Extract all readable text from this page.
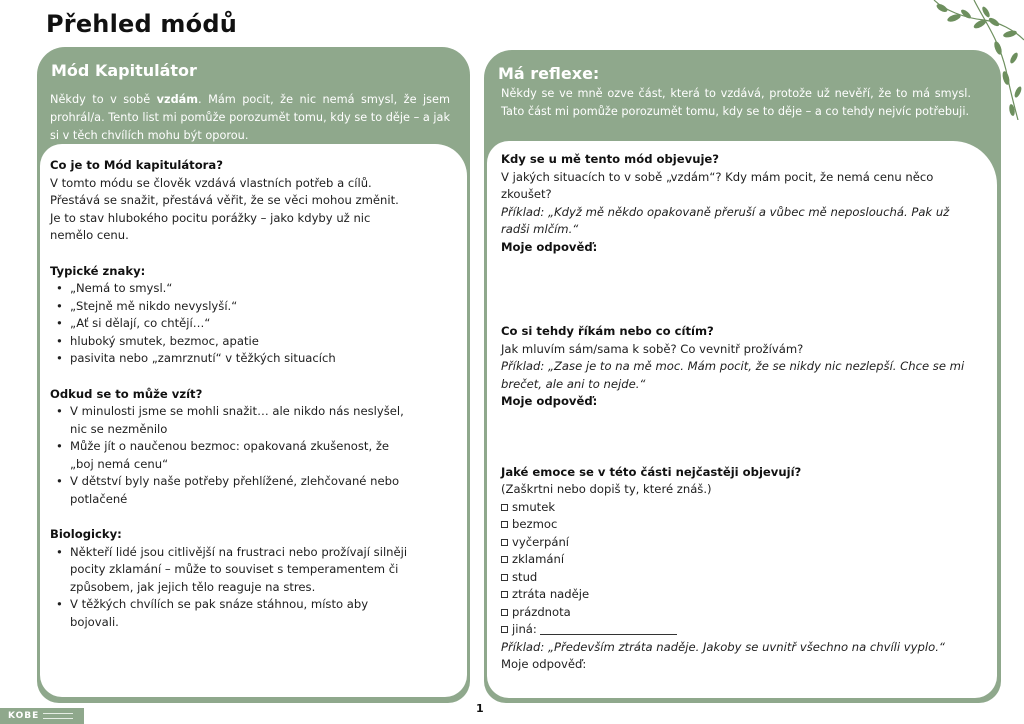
Přehled módů
Mód Kapitulátor
Někdy to v sobě vzdám. Mám pocit, že nic nemá smysl, že jsem prohrál/a. Tento list mi pomůže porozumět tomu, kdy se to děje – a jak si v těch chvílích mohu být oporou.
Co je to Mód kapitulátora?
V tomto módu se člověk vzdává vlastních potřeb a cílů. Přestává se snažit, přestává věřit, že se věci mohou změnit. Je to stav hlubokého pocitu porážky – jako kdyby už nic nemělo cenu.
Typické znaky:
• „Nemá to smysl.“
• „Stejně mě nikdo nevyslyší.“
• „Ať si dělají, co chtějí…“
• hluboký smutek, bezmoc, apatie
• pasivita nebo „zamrznutí“ v těžkých situacích
Odkud se to může vzít?
• V minulosti jsme se mohli snažit… ale nikdo nás neslyšel, nic se nezměnilo
• Může jít o naučenou bezmoc: opakovaná zkušenost, že „boj nemá cenu“
• V dětství byly naše potřeby přehlížené, zlehčované nebo potlačené
Biologicky:
• Někteří lidé jsou citlivější na frustraci nebo prožívají silněji pocity zklamání – může to souviset s temperamentem či způsobem, jak jejich tělo reaguje na stres.
• V těžkých chvílích se pak snáze stáhnou, místo aby bojovali.
Má reflexe:
Někdy se ve mně ozve část, která to vzdává, protože už nevěří, že to má smysl. Tato část mi pomůže porozumět tomu, kdy se to děje – a co tehdy nejvíc potřebuji.
Kdy se u mě tento mód objevuje?
V jakých situacích to v sobě „vzdám“? Kdy mám pocit, že nemá cenu něco zkoušet?
Příklad: „Když mě někdo opakovaně přeruší a vůbec mě neposlouchá. Pak už radši mlčím.“
Moje odpověď:
Co si tehdy říkám nebo co cítím?
Jak mluvím sám/sama k sobě? Co vevnitř prožívám?
Příklad: „Zase je to na mě moc. Mám pocit, že se nikdy nic nezlepší. Chce se mi brečet, ale ani to nejde.“
Moje odpověď:
Jaké emoce se v této části nejčastěji objevují?
(Zaškrtni nebo dopiš ty, které znáš.)
smutek
bezmoc
vyčerpání
zklamání
stud
ztráta naděje
prázdnota
jiná:
Příklad: „Především ztráta naděje. Jakoby se uvnitř všechno na chvíli vyplo.“
Moje odpověď:
KOBE
1
